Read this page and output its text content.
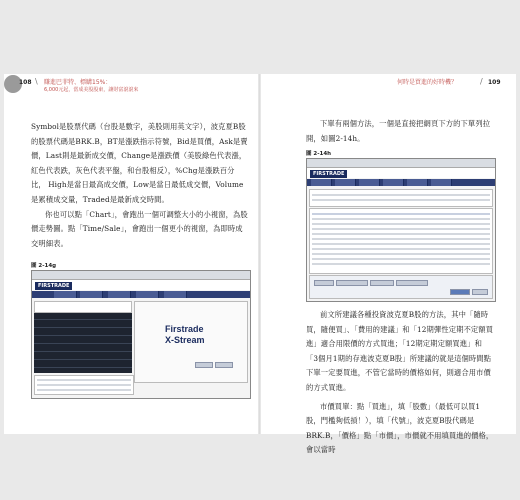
108 \ 賺進巴菲特、標購15%：
6,000元起，當成美股股東，讓財富滾滾來

Symbol是股票代碼（台股是數字，美股則用英文字），波克夏B股的股票代碼是BRK.B，BT是漲跌指示符號，Bid是買價，Ask是賣價，Last則是最新成交價，Change是漲跌價（美股綠色代表漲，紅色代表跌，灰色代表平盤，和台股相反），%Chg是漲跌百分比， High是當日最高成交價，Low是當日最低成交價，Volume是累積成交量，Traded是最新成交時間。

你也可以點「Chart」，會跑出一個可調整大小的小視窗，為股價走勢圖。點「Time/Sale」，會跑出一個更小的視窗，為即時成交明細表。

圖 2-14g
FIRSTRADE
Firstrade
X-Stream
何時是買進的好時機？	/ 109

下單有兩個方法，一個是直接把網頁下方的下單列拉開，如圖2-14h。

圖 2-14h
FIRSTRADE

前文所建議各種投資波克夏B股的方法，其中「隨時買，隨便買」、「費用的建議」和「12期彈性定期不定額買進」適合用限價的方式買進；「12期定期定額買進」和「3個月1期的存進波克夏B股」所建議的就是這個時間點下單一定要買進，不管它當時的價格如何，則適合用市價的方式買進。

市價買單：點「買進」，填「股數」（最低可以買1股，門檻夠低摃！），填「代號」，波克夏B股代碼是BRK.B，「價格」點「市價」，市價就不用填買進的價格，會以當時
